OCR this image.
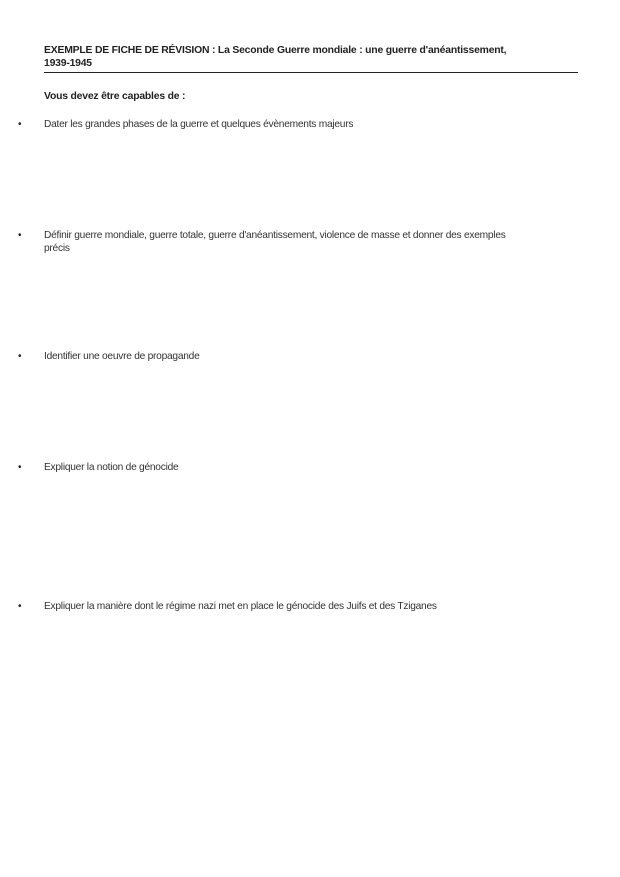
EXEMPLE DE FICHE DE RÉVISION : La Seconde Guerre mondiale : une guerre d'anéantissement,
1939-1945
Vous devez être capables de :
• Dater les grandes phases de la guerre et quelques évènements majeurs
• Définir guerre mondiale, guerre totale, guerre d'anéantissement, violence de masse et donner des exemples
précis
• Identifier une oeuvre de propagande
• Expliquer la notion de génocide
• Expliquer la manière dont le régime nazi met en place le génocide des Juifs et des Tziganes
